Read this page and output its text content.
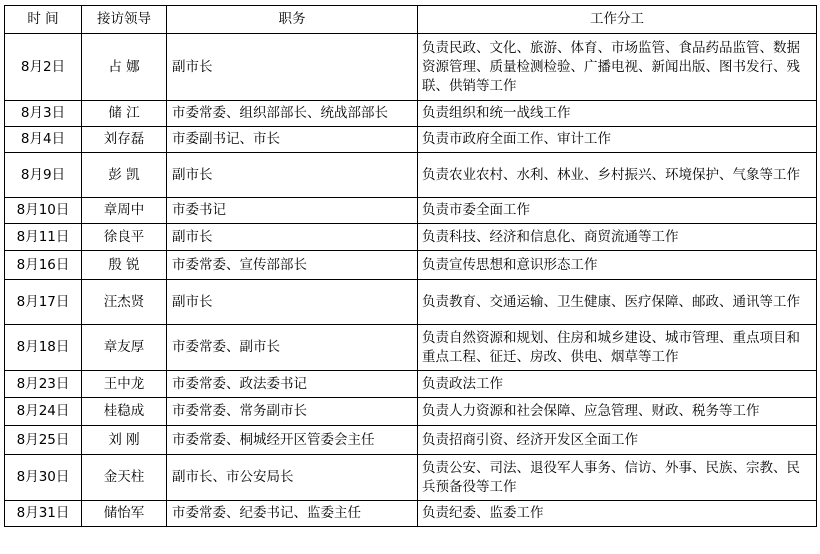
时 间	接访领导	职务	工作分工
8月2日	占 娜	副市长	负责民政、文化、旅游、体育、市场监管、食品药品监管、数据资源管理、质量检测检验、广播电视、新闻出版、图书发行、残联、供销等工作
8月3日	储 江	市委常委、组织部部长、统战部部长	负责组织和统一战线工作
8月4日	刘存磊	市委副书记、市长	负责市政府全面工作、审计工作
8月9日	彭 凯	副市长	负责农业农村、水利、林业、乡村振兴、环境保护、气象等工作
8月10日	章周中	市委书记	负责市委全面工作
8月11日	徐良平	副市长	负责科技、经济和信息化、商贸流通等工作
8月16日	殷 锐	市委常委、宣传部部长	负责宣传思想和意识形态工作
8月17日	汪杰贤	副市长	负责教育、交通运输、卫生健康、医疗保障、邮政、通讯等工作
8月18日	章友厚	市委常委、副市长	负责自然资源和规划、住房和城乡建设、城市管理、重点项目和重点工程、征迁、房改、供电、烟草等工作
8月23日	王中龙	市委常委、政法委书记	负责政法工作
8月24日	桂稳成	市委常委、常务副市长	负责人力资源和社会保障、应急管理、财政、税务等工作
8月25日	刘 刚	市委常委、桐城经开区管委会主任	负责招商引资、经济开发区全面工作
8月30日	金天柱	副市长、市公安局长	负责公安、司法、退役军人事务、信访、外事、民族、宗教、民兵预备役等工作
8月31日	储怡军	市委常委、纪委书记、监委主任	负责纪委、监委工作
